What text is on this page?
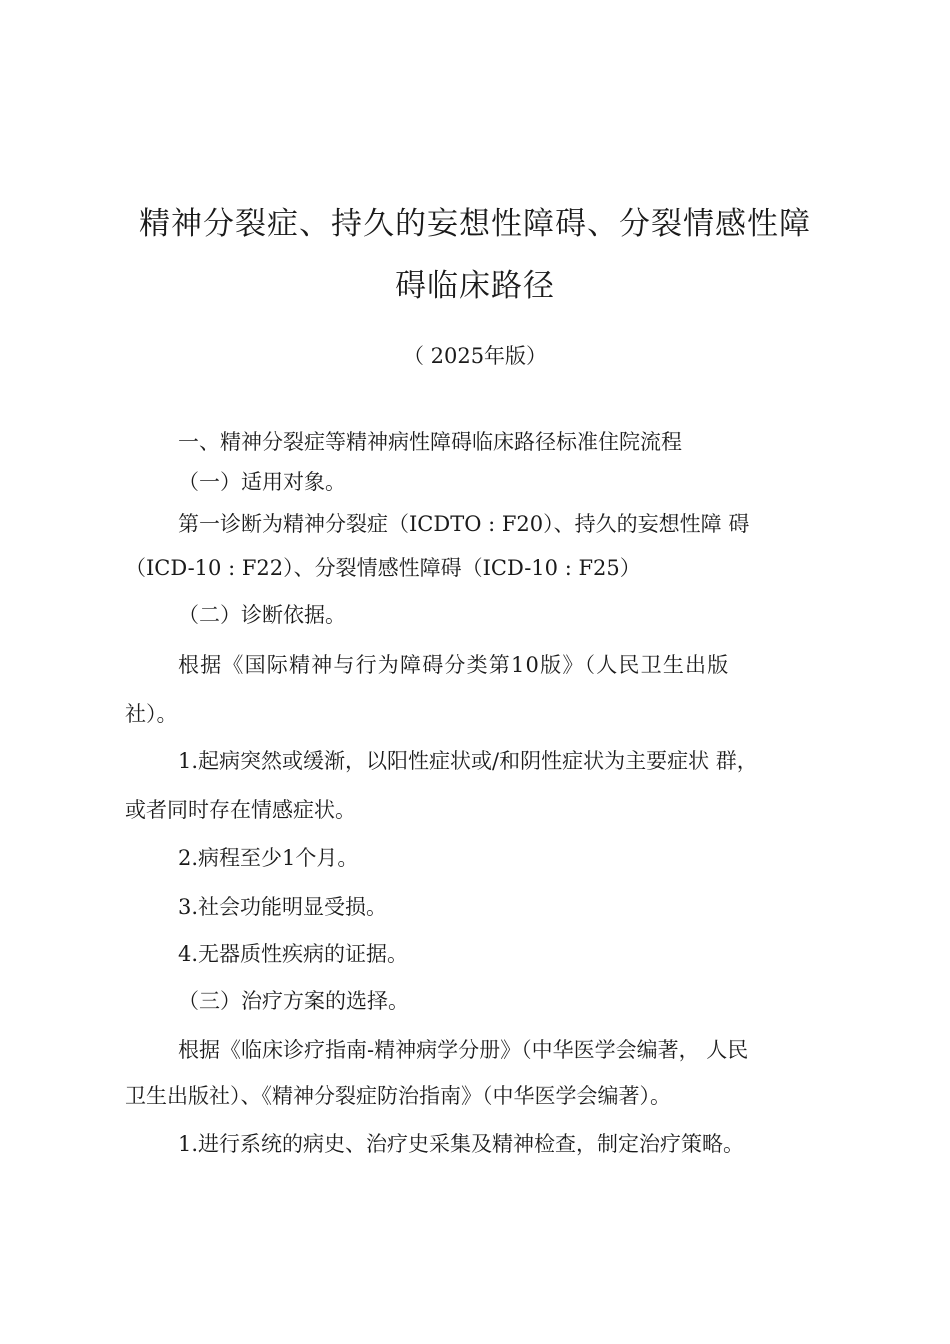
精神分裂症、持久的妄想性障碍、分裂情感性障
碍临床路径
（ 2025年版）
一、精神分裂症等精神病性障碍临床路径标准住院流程
（一）适用对象。
第一诊断为精神分裂症（ICDTO : F20）、持久的妄想性障 碍
（ICD-10 : F22）、分裂情感性障碍（ICD-10 : F25）
（二）诊断依据。
根据《国际精神与行为障碍分类第10版》（人民卫生出版
社）。
1.起病突然或缓渐，以阳性症状或/和阴性症状为主要症状 群，
或者同时存在情感症状。
2.病程至少1个月。
3.社会功能明显受损。
4.无器质性疾病的证据。
（三）治疗方案的选择。
根据《临床诊疗指南-精神病学分册》（中华医学会编著， 人民
卫生出版社）、《精神分裂症防治指南》（中华医学会编著）。
1.进行系统的病史、治疗史采集及精神检查，制定治疗策略。
